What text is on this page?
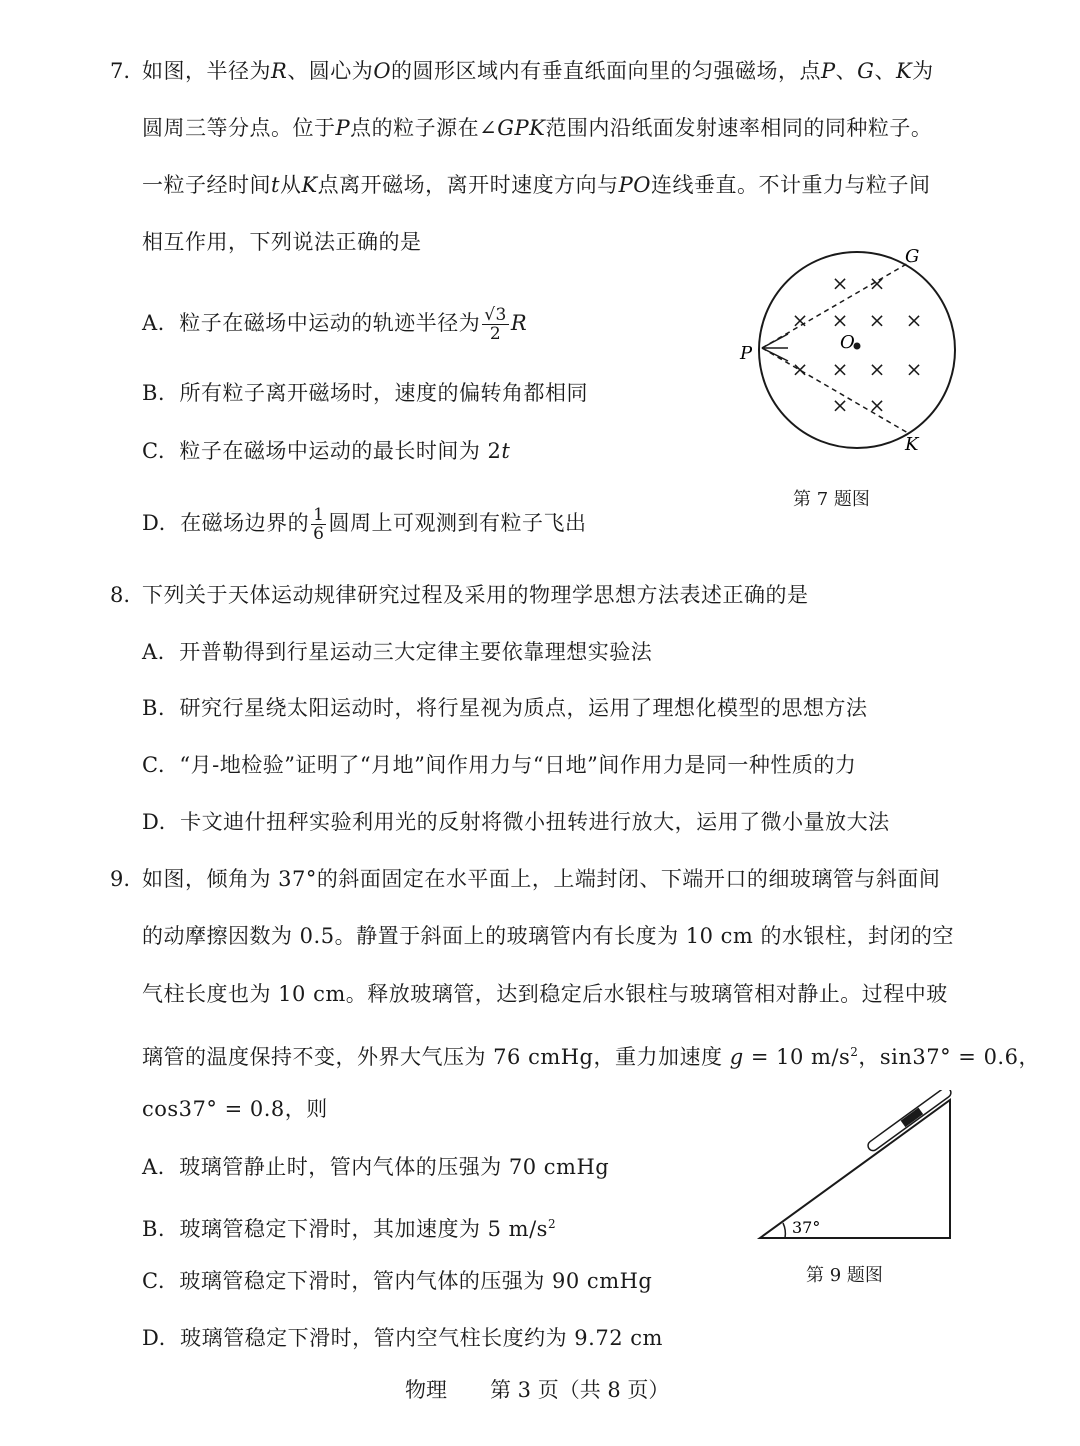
7. 如图，半径为R、圆心为O的圆形区域内有垂直纸面向里的匀强磁场，点P、G、K为
圆周三等分点。位于P点的粒子源在∠GPK范围内沿纸面发射速率相同的同种粒子。
一粒子经时间t从K点离开磁场，离开时速度方向与PO连线垂直。不计重力与粒子间
相互作用，下列说法正确的是
A. 粒子在磁场中运动的轨迹半径为 $\frac{√3}{2}$ R
B. 所有粒子离开磁场时，速度的偏转角都相同
C. 粒子在磁场中运动的最长时间为 2t
D. 在磁场边界的 $\frac{1}{6}$ 圆周上可观测到有粒子飞出
× ×
× × × ×
× × × ×
× ×
G
P
O
K
第 7 题图
8. 下列关于天体运动规律研究过程及采用的物理学思想方法表述正确的是
A. 开普勒得到行星运动三大定律主要依靠理想实验法
B. 研究行星绕太阳运动时，将行星视为质点，运用了理想化模型的思想方法
C. “月-地检验”证明了“月地”间作用力与“日地”间作用力是同一种性质的力
D. 卡文迪什扭秤实验利用光的反射将微小扭转进行放大，运用了微小量放大法
9. 如图，倾角为 37°的斜面固定在水平面上，上端封闭、下端开口的细玻璃管与斜面间
的动摩擦因数为 0.5。静置于斜面上的玻璃管内有长度为 10 cm 的水银柱，封闭的空
气柱长度也为 10 cm。释放玻璃管，达到稳定后水银柱与玻璃管相对静止。过程中玻
璃管的温度保持不变，外界大气压为 76 cmHg，重力加速度 g = 10 $m/s^2$，sin37° = 0.6，
cos37° = 0.8，则
A. 玻璃管静止时，管内气体的压强为 70 cmHg
B. 玻璃管稳定下滑时，其加速度为 5 $m/s^2$
C. 玻璃管稳定下滑时，管内气体的压强为 90 cmHg
D. 玻璃管稳定下滑时，管内空气柱长度约为 9.72 cm
37°
第 9 题图
物理 第 3 页（共 8 页）
